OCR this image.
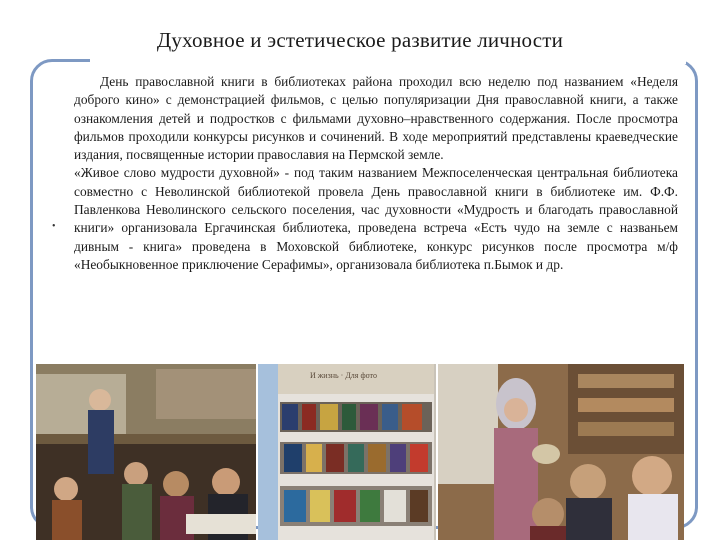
Духовное и эстетическое развитие личности

День православной книги в библиотеках района проходил всю неделю под названием «Неделя доброго кино» с демонстрацией фильмов, с целью популяризации Дня православной книги, а также ознакомления детей и подростков с фильмами духовно–нравственного содержания. После просмотра фильмов проходили конкурсы рисунков и сочинений. В ходе мероприятий представлены краеведческие издания, посвященные истории православия на Пермской земле.

«Живое слово мудрости духовной» - под таким названием Межпоселенческая центральная библиотека совместно с Неволинской библиотекой провела День православной книги в библиотеке им. Ф.Ф. Павленкова Неволинского сельского поселения, час духовности «Мудрость и благодать православной книги» организовала Ергачинская библиотека, проведена встреча «Есть чудо на земле с названьем дивным - книга» проведена в Моховской библиотеке, конкурс рисунков после просмотра м/ф «Необыкновенное приключение Серафимы», организовала библиотека п.Бымок и др.

•
И жизнь · Для фото
